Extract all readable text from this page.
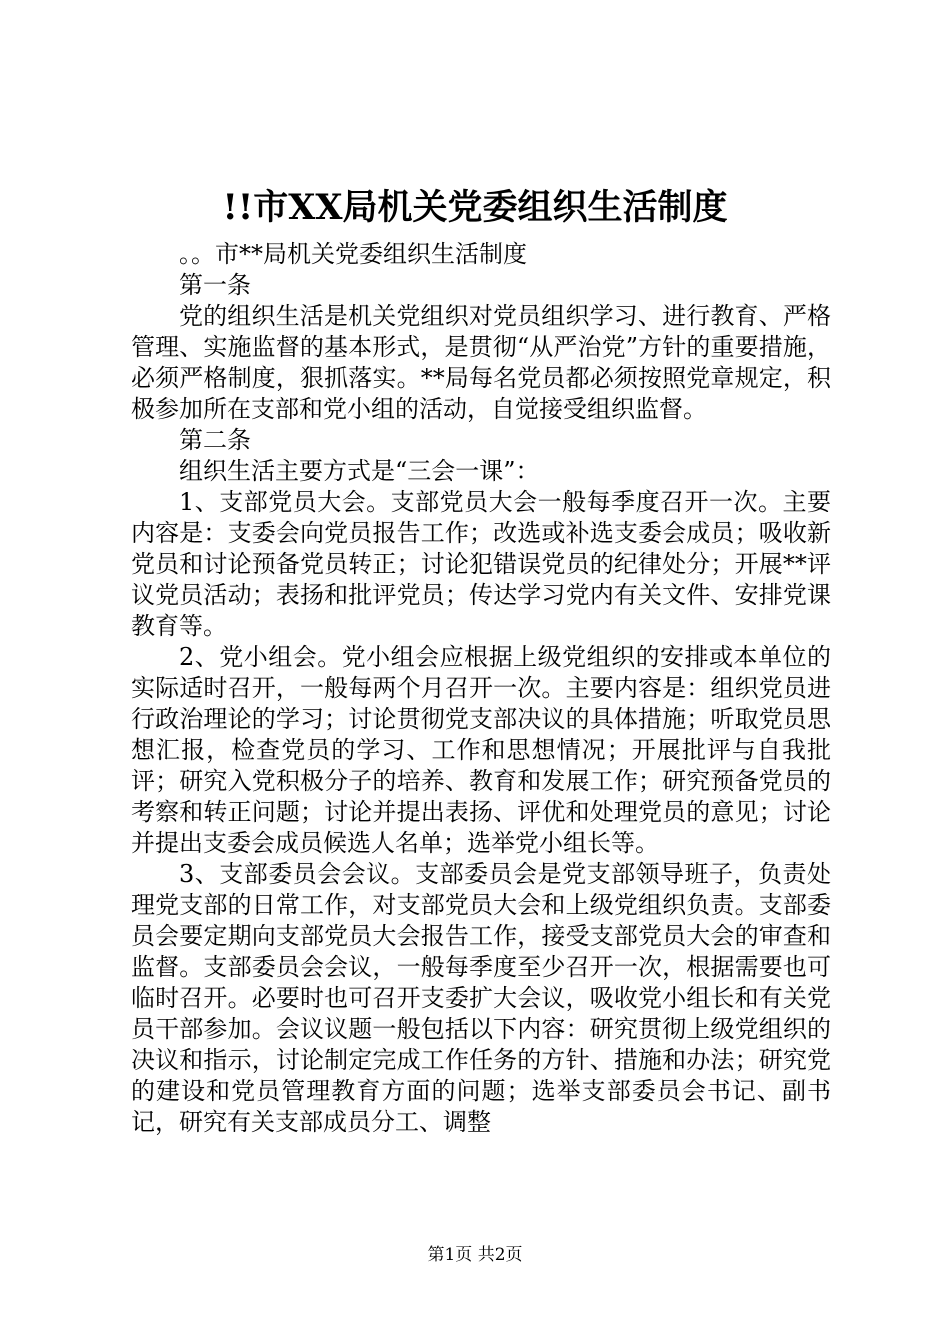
!!市XX局机关党委组织生活制度

。。市**局机关党委组织生活制度

第一条

党的组织生活是机关党组织对党员组织学习、进行教育、严格管理、实施监督的基本形式，是贯彻“从严治党”方针的重要措施，必须严格制度，狠抓落实。**局每名党员都必须按照党章规定，积极参加所在支部和党小组的活动，自觉接受组织监督。

第二条

组织生活主要方式是“三会一课”：

1、支部党员大会。支部党员大会一般每季度召开一次。主要内容是：支委会向党员报告工作；改选或补选支委会成员；吸收新党员和讨论预备党员转正；讨论犯错误党员的纪律处分；开展**评议党员活动；表扬和批评党员；传达学习党内有关文件、安排党课教育等。

2、党小组会。党小组会应根据上级党组织的安排或本单位的实际适时召开，一般每两个月召开一次。主要内容是：组织党员进行政治理论的学习；讨论贯彻党支部决议的具体措施；听取党员思想汇报，检查党员的学习、工作和思想情况；开展批评与自我批评；研究入党积极分子的培养、教育和发展工作；研究预备党员的考察和转正问题；讨论并提出表扬、评优和处理党员的意见；讨论并提出支委会成员候选人名单；选举党小组长等。

3、支部委员会会议。支部委员会是党支部领导班子，负责处理党支部的日常工作，对支部党员大会和上级党组织负责。支部委员会要定期向支部党员大会报告工作，接受支部党员大会的审查和监督。支部委员会会议，一般每季度至少召开一次，根据需要也可临时召开。必要时也可召开支委扩大会议，吸收党小组长和有关党员干部参加。会议议题一般包括以下内容：研究贯彻上级党组织的决议和指示，讨论制定完成工作任务的方针、措施和办法；研究党的建设和党员管理教育方面的问题；选举支部委员会书记、副书记，研究有关支部成员分工、调整

第1页 共2页
